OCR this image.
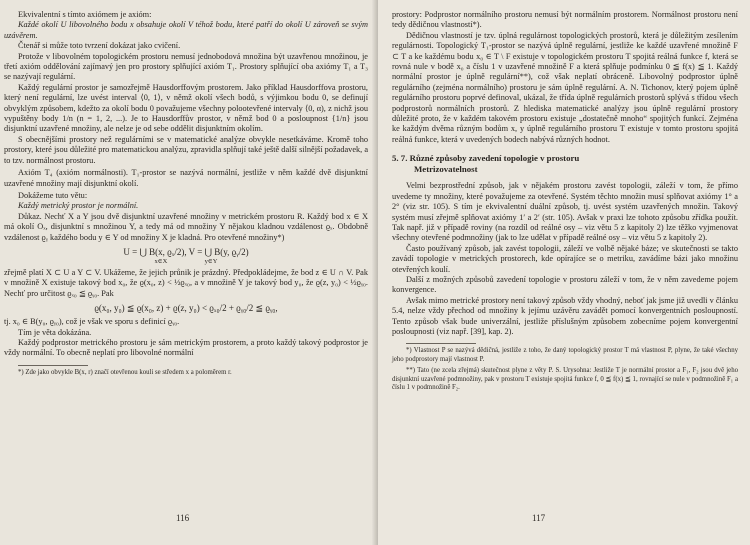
Ekvivalentní s tímto axiómem je axióm:

Každé okolí U libovolného bodu x obsahuje okolí V téhož bodu, které patří do okolí U zároveň se svým uzávěrem.

Čtenář si může toto tvrzení dokázat jako cvičení.

Protože v libovolném topologickém prostoru nemusí jednobodová množina být uzavřenou množinou, je třetí axióm oddělování zajímavý jen pro prostory splňující axióm T₁. Prostory splňující oba axiómy T₁ a T₃ se nazývají regulární.

Každý regulární prostor je samozřejmě Hausdorffovým prostorem. Jako příklad Hausdorffova prostoru, který není regulární, lze uvést interval ⟨0, 1⟩, v němž okolí všech bodů, s výjimkou bodu 0, se definují obvyklým způsobem, kdežto za okolí bodu 0 považujeme všechny polootevřené intervaly ⟨0, α), z nichž jsou vypuštěny body 1/n (n = 1, 2, ...). Je to Hausdorffův prostor, v němž bod 0 a posloupnost {1/n} jsou disjunktní uzavřené množiny, ale nelze je od sebe oddělit disjunktním okolím.

S obecnějšími prostory než regulárními se v matematické analýze obvykle nesetkáváme. Kromě toho prostory, které jsou důležité pro matematickou analýzu, zpravidla splňují také ještě další silnější požadavek, a to tzv. normálnost prostoru.

Axióm T₄ (axióm normálnosti). T₁-prostor se nazývá normální, jestliže v něm každé dvě disjunktní uzavřené množiny mají disjunktní okolí.

Dokážeme tuto větu:

Každý metrický prostor je normální.

Důkaz. Nechť X a Y jsou dvě disjunktní uzavřené množiny v metrickém prostoru R. Každý bod x ∈ X má okolí Oₓ, disjunktní s množinou Y, a tedy má od množiny Y nějakou kladnou vzdálenost ϱₓ. Obdobně vzdálenost ϱᵧ každého bodu y ∈ Y od množiny X je kladná. Pro otevřené množiny*)

U = ⋃ B(x, ϱₓ/2), V = ⋃ B(y, ϱᵧ/2)
x∈X                       y∈Y

zřejmě platí X ⊂ U a Y ⊂ V. Ukážeme, že jejich průnik je prázdný. Předpokládejme, že bod z ∈ U ∩ V. Pak v množině X existuje takový bod x₀, že ϱ(x₀, z) < ½ϱₓ₀, a v množině Y je takový bod y₀, že ϱ(z, y₀) < ½ϱᵧ₀. Nechť pro určitost ϱₓ₀ ≦ ϱᵧ₀. Pak

ϱ(x₀, y₀) ≦ ϱ(x₀, z) + ϱ(z, y₀) < ϱₓ₀/2 + ϱᵧ₀/2 ≦ ϱᵧ₀,

tj. x₀ ∈ B(y₀, ϱᵧ₀), což je však ve sporu s definicí ϱᵧ₀.

Tím je věta dokázána.

Každý podprostor metrického prostoru je sám metrickým prostorem, a proto každý takový podprostor je vždy normální. To obecně neplatí pro libovolné normální

*) Zde jako obvykle B(x, r) značí otevřenou kouli se středem x a poloměrem r.

116

prostory: Podprostor normálního prostoru nemusí být normálním prostorem. Normálnost prostoru není tedy dědičnou vlastností*).

Dědičnou vlastností je tzv. úplná regulárnost topologických prostorů, která je důležitým zesílením regulárnosti. Topologický T₁-prostor se nazývá úplně regulární, jestliže ke každé uzavřené množině F ⊂ T a ke každému bodu x₀ ∈ T \ F existuje v topologickém prostoru T spojitá reálná funkce f, která se rovná nule v bodě x₀ a číslu 1 v uzavřené množině F a která splňuje podmínku 0 ≦ f(x) ≦ 1. Každý normální prostor je úplně regulární**), což však neplatí obráceně. Libovolný podprostor úplně regulárního (zejména normálního) prostoru je sám úplně regulární. A. N. Tichonov, který pojem úplně regulárního prostoru poprvé definoval, ukázal, že třída úplně regulárních prostorů splývá s třídou všech podprostorů normálních prostorů. Z hlediska matematické analýzy jsou úplně regulární prostory důležité proto, že v každém takovém prostoru existuje „dostatečně mnoho“ spojitých funkcí. Zejména ke každým dvěma různým bodům x, y úplně regulárního prostoru T existuje v tomto prostoru spojitá reálná funkce, která v uvedených bodech nabývá různých hodnot.

5. 7. Různé způsoby zavedení topologie v prostoru
Metrizovatelnost

Velmi bezprostřední způsob, jak v nějakém prostoru zavést topologii, záleží v tom, že přímo uvedeme ty množiny, které považujeme za otevřené. Systém těchto množin musí splňovat axiómy 1° a 2° (viz str. 105). S tím je ekvivalentní duální způsob, tj. uvést systém uzavřených množin. Takový systém musí zřejmě splňovat axiómy 1′ a 2′ (str. 105). Avšak v praxi lze tohoto způsobu zřídka použít. Tak např. již v případě roviny (na rozdíl od reálné osy – viz větu 5 z kapitoly 2) lze těžko vyjmenovat všechny otevřené podmnožiny (jak to lze udělat v případě reálné osy – viz větu 5 z kapitoly 2).

Často používaný způsob, jak zavést topologii, záleží ve volbě nějaké báze; ve skutečnosti se takto zavádí topologie v metrických prostorech, kde opírajíce se o metriku, zavádíme bázi jako množinu otevřených koulí.

Další z možných způsobů zavedení topologie v prostoru záleží v tom, že v něm zavedeme pojem konvergence.

Avšak mimo metrické prostory není takový způsob vždy vhodný, neboť jak jsme již uvedli v článku 5.4, nelze vždy přechod od množiny k jejímu uzávěru zavádět pomocí konvergentních posloupností. Tento způsob však bude univerzální, jestliže příslušným způsobem zobecníme pojem konvergentní posloupnosti (viz např. [39], kap. 2).

*) Vlastnost P se nazývá dědičná, jestliže z toho, že daný topologický prostor T má vlastnost P, plyne, že také všechny jeho podprostory mají vlastnost P.

**) Tato (ne zcela zřejmá) skutečnost plyne z věty P. S. Urysohna: Jestliže T je normální prostor a F₁, F₂ jsou dvě jeho disjunktní uzavřené podmnožiny, pak v prostoru T existuje spojitá funkce f, 0 ≦ f(x) ≦ 1, rovnající se nule v podmnožině F₁ a číslu 1 v podmnožině F₂.

117
